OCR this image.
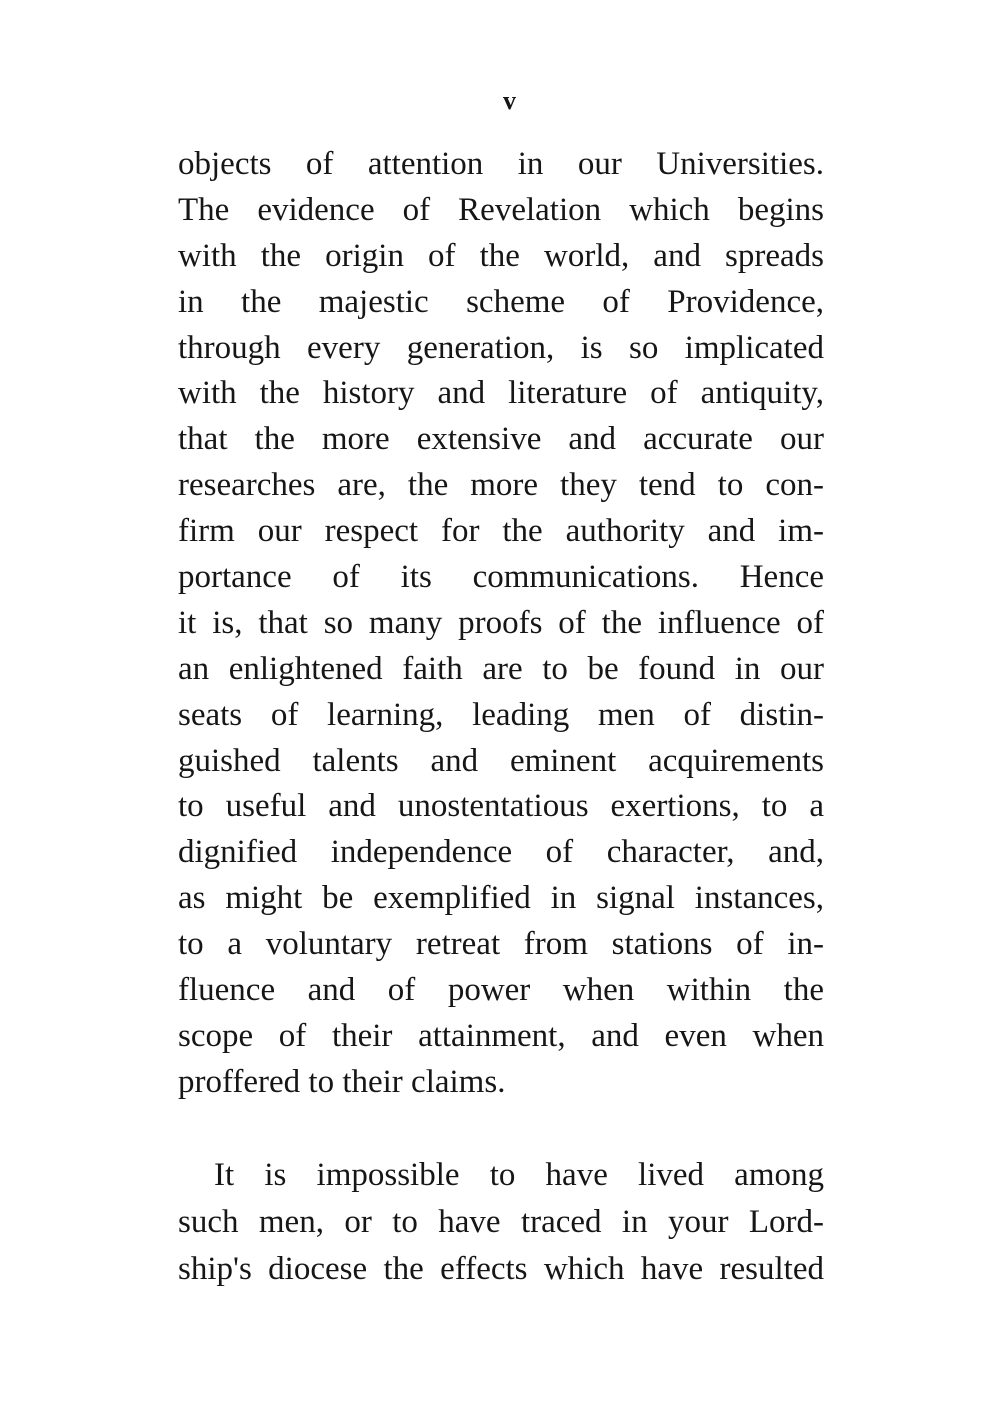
v
objects of attention in our Universities.
The evidence of Revelation which begins
with the origin of the world, and spreads
in the majestic scheme of Providence,
through every generation, is so implicated
with the history and literature of antiquity,
that the more extensive and accurate our
researches are, the more they tend to con-
firm our respect for the authority and im-
portance of its communications. Hence
it is, that so many proofs of the influence of
an enlightened faith are to be found in our
seats of learning, leading men of distin-
guished talents and eminent acquirements
to useful and unostentatious exertions, to a
dignified independence of character, and,
as might be exemplified in signal instances,
to a voluntary retreat from stations of in-
fluence and of power when within the
scope of their attainment, and even when
proffered to their claims.
It is impossible to have lived among
such men, or to have traced in your Lord-
ship's diocese the effects which have resulted
